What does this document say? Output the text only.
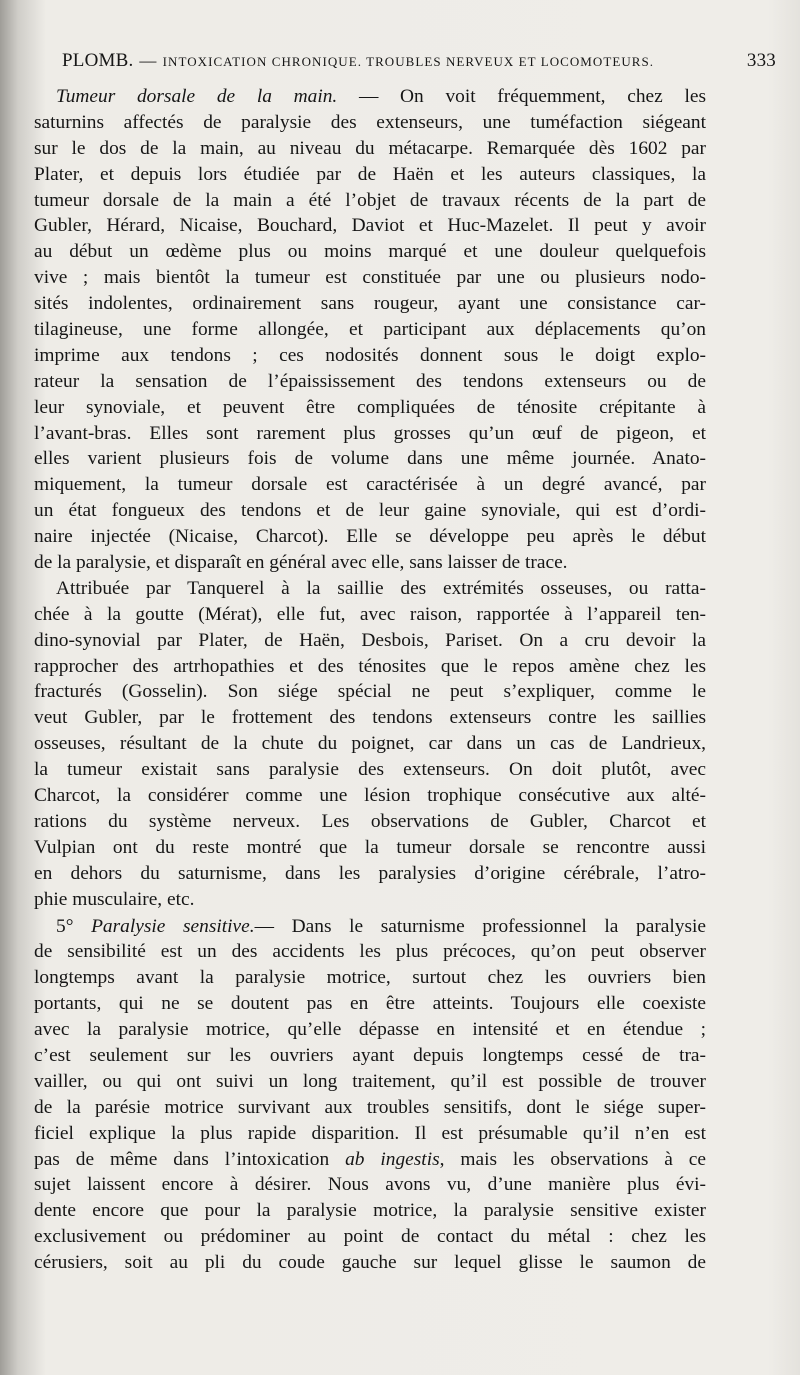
PLOMB. — INTOXICATION CHRONIQUE. TROUBLES NERVEUX ET LOCOMOTEURS.	333
Tumeur dorsale de la main. — On voit fréquemment, chez les
saturnins affectés de paralysie des extenseurs, une tuméfaction siégeant
sur le dos de la main, au niveau du métacarpe. Remarquée dès 1602 par
Plater, et depuis lors étudiée par de Haën et les auteurs classiques, la
tumeur dorsale de la main a été l’objet de travaux récents de la part de
Gubler, Hérard, Nicaise, Bouchard, Daviot et Huc-Mazelet. Il peut y avoir
au début un œdème plus ou moins marqué et une douleur quelquefois
vive ; mais bientôt la tumeur est constituée par une ou plusieurs nodo-
sités indolentes, ordinairement sans rougeur, ayant une consistance car-
tilagineuse, une forme allongée, et participant aux déplacements qu’on
imprime aux tendons ; ces nodosités donnent sous le doigt explo-
rateur la sensation de l’épaississement des tendons extenseurs ou de
leur synoviale, et peuvent être compliquées de ténosite crépitante à
l’avant-bras. Elles sont rarement plus grosses qu’un œuf de pigeon, et
elles varient plusieurs fois de volume dans une même journée. Anato-
miquement, la tumeur dorsale est caractérisée à un degré avancé, par
un état fongueux des tendons et de leur gaine synoviale, qui est d’ordi-
naire injectée (Nicaise, Charcot). Elle se développe peu après le début
de la paralysie, et disparaît en général avec elle, sans laisser de trace.
Attribuée par Tanquerel à la saillie des extrémités osseuses, ou ratta-
chée à la goutte (Mérat), elle fut, avec raison, rapportée à l’appareil ten-
dino-synovial par Plater, de Haën, Desbois, Pariset. On a cru devoir la
rapprocher des artrhopathies et des ténosites que le repos amène chez les
fracturés (Gosselin). Son siége spécial ne peut s’expliquer, comme le
veut Gubler, par le frottement des tendons extenseurs contre les saillies
osseuses, résultant de la chute du poignet, car dans un cas de Landrieux,
la tumeur existait sans paralysie des extenseurs. On doit plutôt, avec
Charcot, la considérer comme une lésion trophique consécutive aux alté-
rations du système nerveux. Les observations de Gubler, Charcot et
Vulpian ont du reste montré que la tumeur dorsale se rencontre aussi
en dehors du saturnisme, dans les paralysies d’origine cérébrale, l’atro-
phie musculaire, etc.
5° Paralysie sensitive.— Dans le saturnisme professionnel la paralysie
de sensibilité est un des accidents les plus précoces, qu’on peut observer
longtemps avant la paralysie motrice, surtout chez les ouvriers bien
portants, qui ne se doutent pas en être atteints. Toujours elle coexiste
avec la paralysie motrice, qu’elle dépasse en intensité et en étendue ;
c’est seulement sur les ouvriers ayant depuis longtemps cessé de tra-
vailler, ou qui ont suivi un long traitement, qu’il est possible de trouver
de la parésie motrice survivant aux troubles sensitifs, dont le siége super-
ficiel explique la plus rapide disparition. Il est présumable qu’il n’en est
pas de même dans l’intoxication ab ingestis, mais les observations à ce
sujet laissent encore à désirer. Nous avons vu, d’une manière plus évi-
dente encore que pour la paralysie motrice, la paralysie sensitive exister
exclusivement ou prédominer au point de contact du métal : chez les
cérusiers, soit au pli du coude gauche sur lequel glisse le saumon de
